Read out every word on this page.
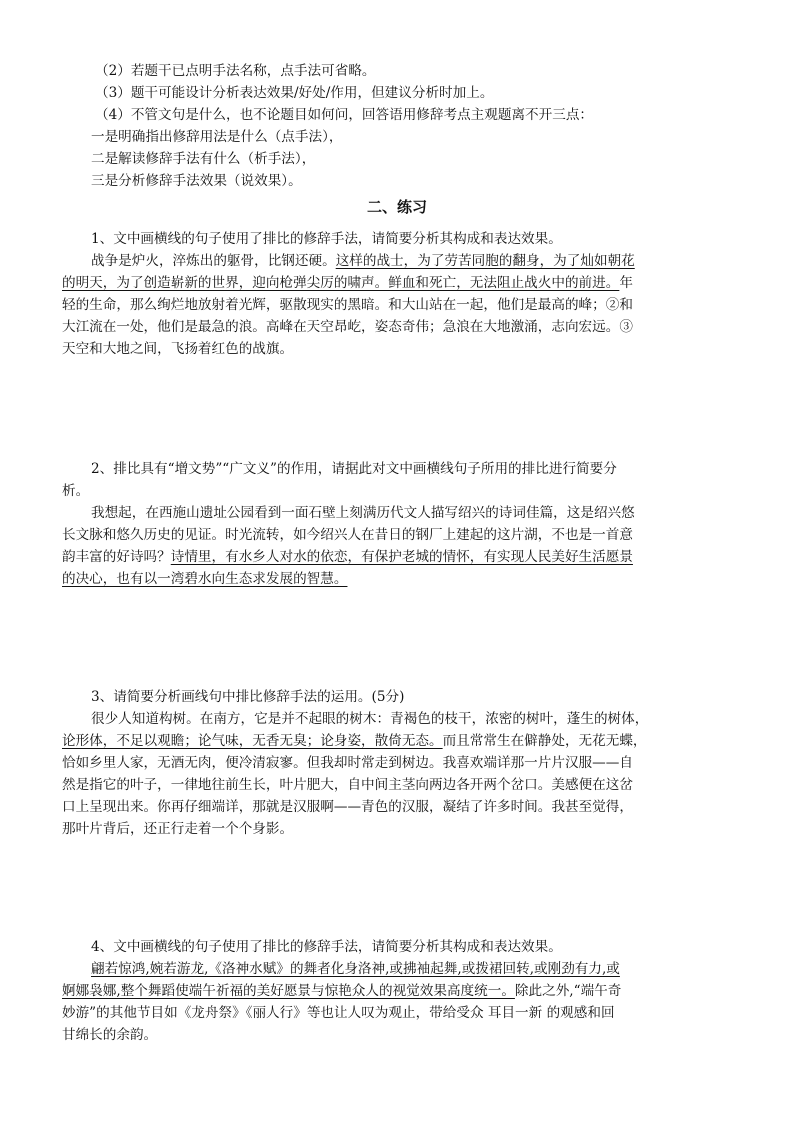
（2）若题干已点明手法名称，点手法可省略。
（3）题干可能设计分析表达效果/好处/作用，但建议分析时加上。
（4）不管文句是什么，也不论题目如何问，回答语用修辞考点主观题离不开三点：
一是明确指出修辞用法是什么（点手法），
二是解读修辞手法有什么（析手法），
三是分析修辞手法效果（说效果）。
二、练习
1、文中画横线的句子使用了排比的修辞手法，请简要分析其构成和表达效果。
战争是炉火，淬炼出的躯骨，比钢还硬。这样的战士，为了劳苦同胞的翻身，为了灿如朝花
的明天，为了创造崭新的世界，迎向枪弹尖厉的啸声。鲜血和死亡，无法阻止战火中的前进。年
轻的生命，那么绚烂地放射着光辉，驱散现实的黑暗。和大山站在一起，他们是最高的峰；②和
大江流在一处，他们是最急的浪。高峰在天空昂屹，姿态奇伟；急浪在大地激涌，志向宏远。③
天空和大地之间，飞扬着红色的战旗。
2、排比具有“增文势”“广文义”的作用，请据此对文中画横线句子所用的排比进行简要分
析。
我想起，在西施山遗址公园看到一面石壁上刻满历代文人描写绍兴的诗词佳篇，这是绍兴悠
长文脉和悠久历史的见证。时光流转，如今绍兴人在昔日的钢厂上建起的这片湖，不也是一首意
韵丰富的好诗吗？诗情里，有水乡人对水的依恋，有保护老城的情怀，有实现人民美好生活愿景
的决心，也有以一湾碧水向生态求发展的智慧。
3、请简要分析画线句中排比修辞手法的运用。(5分)
很少人知道构树。在南方，它是并不起眼的树木：青褐色的枝干，浓密的树叶，蓬生的树体，
论形体，不足以观瞻；论气味，无香无臭；论身姿，散倚无态。而且常常生在僻静处，无花无蝶，
恰如乡里人家，无酒无肉，便冷清寂寥。但我却时常走到树边。我喜欢端详那一片片汉服——自
然是指它的叶子，一律地往前生长，叶片肥大，自中间主茎向两边各开两个岔口。美感便在这岔
口上呈现出来。你再仔细端详，那就是汉服啊——青色的汉服，凝结了许多时间。我甚至觉得，
那叶片背后，还正行走着一个个身影。
4、文中画横线的句子使用了排比的修辞手法，请简要分析其构成和表达效果。
翩若惊鸿,婉若游龙,《洛神水赋》的舞者化身洛神,或拂袖起舞,或拨裙回转,或刚劲有力,或
婀娜袅娜,整个舞蹈使端午祈福的美好愿景与惊艳众人的视觉效果高度统一。除此之外,“端午奇
妙游”的其他节目如《龙舟祭》《丽人行》等也让人叹为观止，带给受众 耳目一新 的观感和回
甘绵长的余韵。
